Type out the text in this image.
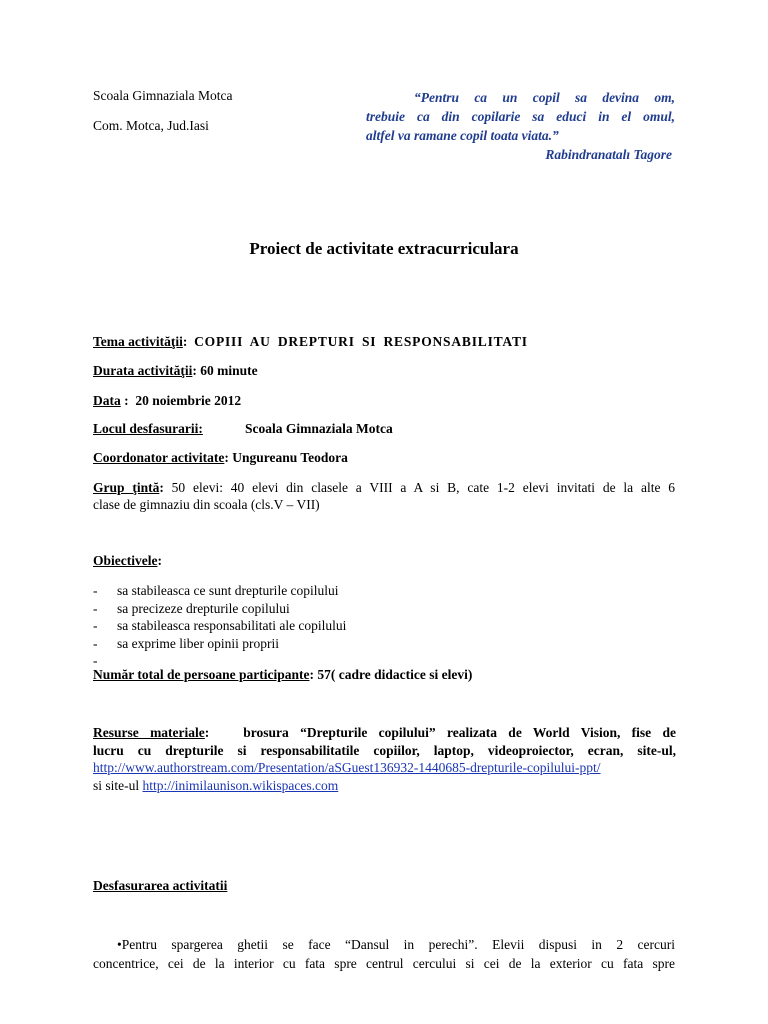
Scoala Gimnaziala Motca
Com. Motca, Jud.Iasi
“Pentru ca un copil sa devina om,
trebuie ca din copilarie sa educi in el omul,
altfel va ramane copil toata viata.”
Rabindranatalı Tagore
Proiect de activitate extracurriculara
Tema activităţii:  COPIII AU DREPTURI SI RESPONSABILITATI
Durata activităţii: 60 minute
Data :  20 noiembrie 2012
Locul desfasurarii:	Scoala Gimnaziala Motca
Coordonator activitate: Ungureanu Teodora
Grup ţintă: 50 elevi: 40 elevi din clasele a VIII a A si B, cate 1-2 elevi invitati de la alte 6
clase de gimnaziu din scoala (cls.V – VII)
Obiectivele:
- sa stabileasca ce sunt drepturile copilului
- sa precizeze drepturile copilului
- sa stabileasca responsabilitati ale copilului
- sa exprime liber opinii proprii
-
Număr total de persoane participante: 57( cadre didactice si elevi)
Resurse materiale:   brosura “Drepturile copilului” realizata de World Vision, fise de
lucru cu drepturile si responsabilitatile copiilor, laptop, videoproiector, ecran, site-ul,
http://www.authorstream.com/Presentation/aSGuest136932-1440685-drepturile-copilului-ppt/
si site-ul http://inimilaunison.wikispaces.com
Desfasurarea activitatii
•Pentru spargerea ghetii se face “Dansul in perechi”. Elevii dispusi in 2 cercuri
concentrice, cei de la interior cu fata spre centrul cercului si cei de la exterior cu fata spre
